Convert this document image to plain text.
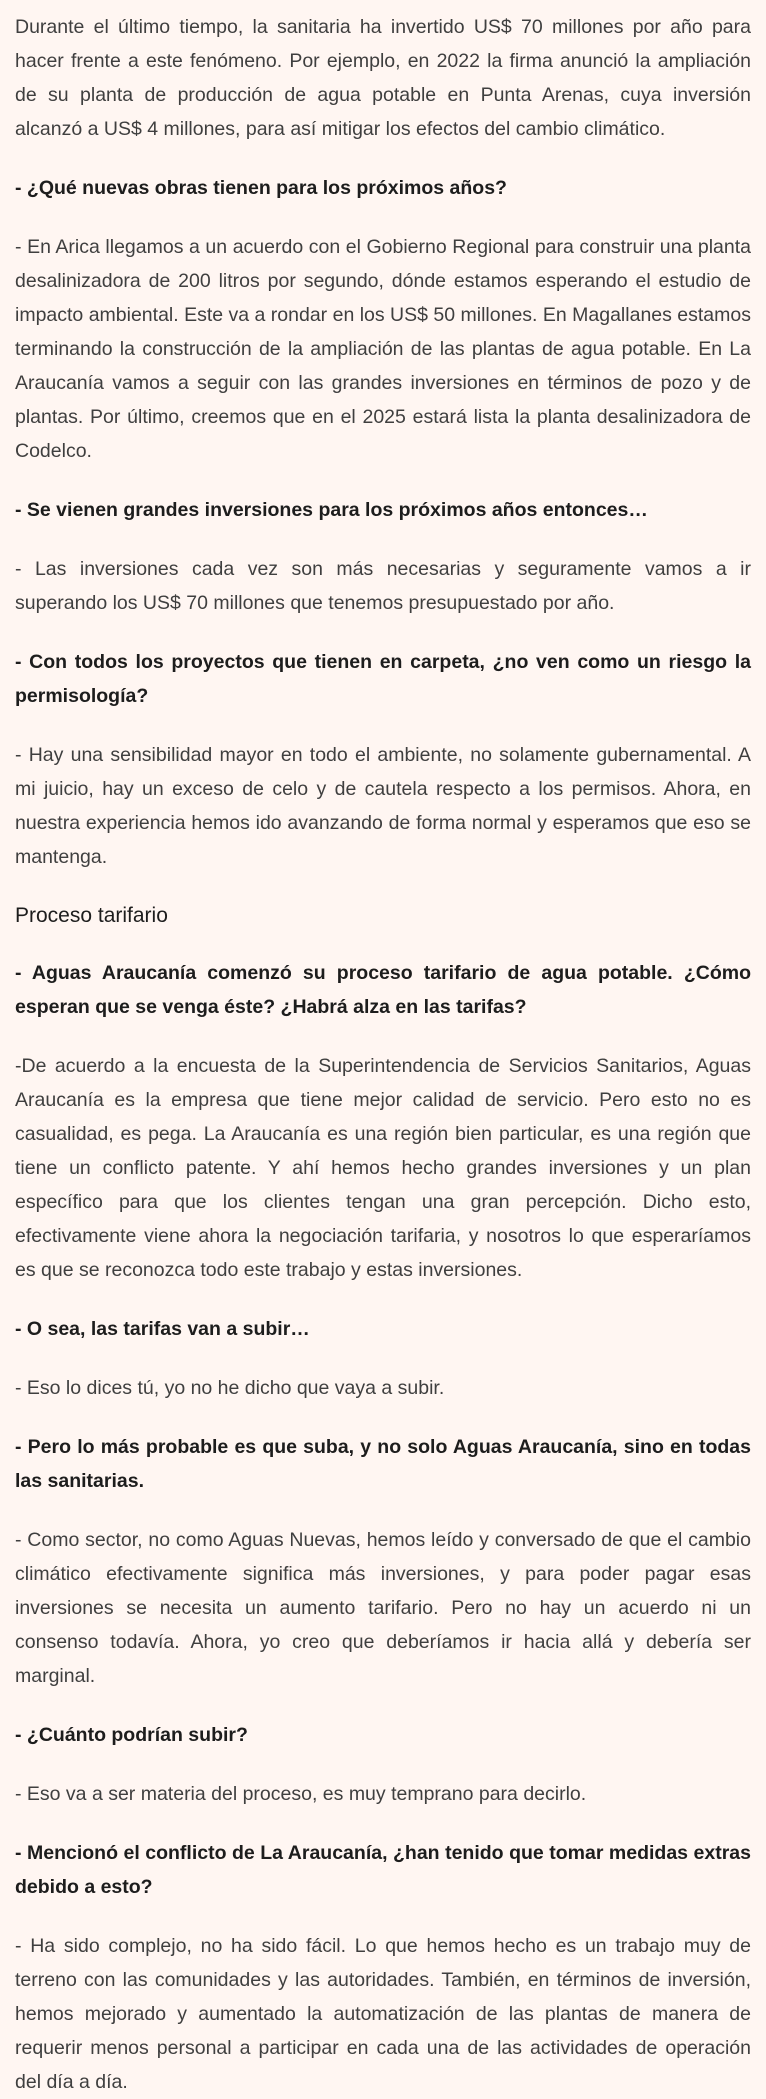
Durante el último tiempo, la sanitaria ha invertido US$ 70 millones por año para hacer frente a este fenómeno. Por ejemplo, en 2022 la firma anunció la ampliación de su planta de producción de agua potable en Punta Arenas, cuya inversión alcanzó a US$ 4 millones, para así mitigar los efectos del cambio climático.

- ¿Qué nuevas obras tienen para los próximos años?

- En Arica llegamos a un acuerdo con el Gobierno Regional para construir una planta desalinizadora de 200 litros por segundo, dónde estamos esperando el estudio de impacto ambiental. Este va a rondar en los US$ 50 millones. En Magallanes estamos terminando la construcción de la ampliación de las plantas de agua potable. En La Araucanía vamos a seguir con las grandes inversiones en términos de pozo y de plantas. Por último, creemos que en el 2025 estará lista la planta desalinizadora de Codelco.

- Se vienen grandes inversiones para los próximos años entonces…

- Las inversiones cada vez son más necesarias y seguramente vamos a ir superando los US$ 70 millones que tenemos presupuestado por año.

- Con todos los proyectos que tienen en carpeta, ¿no ven como un riesgo la permisología?

- Hay una sensibilidad mayor en todo el ambiente, no solamente gubernamental. A mi juicio, hay un exceso de celo y de cautela respecto a los permisos. Ahora, en nuestra experiencia hemos ido avanzando de forma normal y esperamos que eso se mantenga.

Proceso tarifario

- Aguas Araucanía comenzó su proceso tarifario de agua potable. ¿Cómo esperan que se venga éste? ¿Habrá alza en las tarifas?

-De acuerdo a la encuesta de la Superintendencia de Servicios Sanitarios, Aguas Araucanía es la empresa que tiene mejor calidad de servicio. Pero esto no es casualidad, es pega. La Araucanía es una región bien particular, es una región que tiene un conflicto patente. Y ahí hemos hecho grandes inversiones y un plan específico para que los clientes tengan una gran percepción. Dicho esto, efectivamente viene ahora la negociación tarifaria, y nosotros lo que esperaríamos es que se reconozca todo este trabajo y estas inversiones.

- O sea, las tarifas van a subir…

- Eso lo dices tú, yo no he dicho que vaya a subir.

- Pero lo más probable es que suba, y no solo Aguas Araucanía, sino en todas las sanitarias.

- Como sector, no como Aguas Nuevas, hemos leído y conversado de que el cambio climático efectivamente significa más inversiones, y para poder pagar esas inversiones se necesita un aumento tarifario. Pero no hay un acuerdo ni un consenso todavía. Ahora, yo creo que deberíamos ir hacia allá y debería ser marginal.

- ¿Cuánto podrían subir?

- Eso va a ser materia del proceso, es muy temprano para decirlo.

- Mencionó el conflicto de La Araucanía, ¿han tenido que tomar medidas extras debido a esto?

- Ha sido complejo, no ha sido fácil. Lo que hemos hecho es un trabajo muy de terreno con las comunidades y las autoridades. También, en términos de inversión, hemos mejorado y aumentado la automatización de las plantas de manera de requerir menos personal a participar en cada una de las actividades de operación del día a día.
